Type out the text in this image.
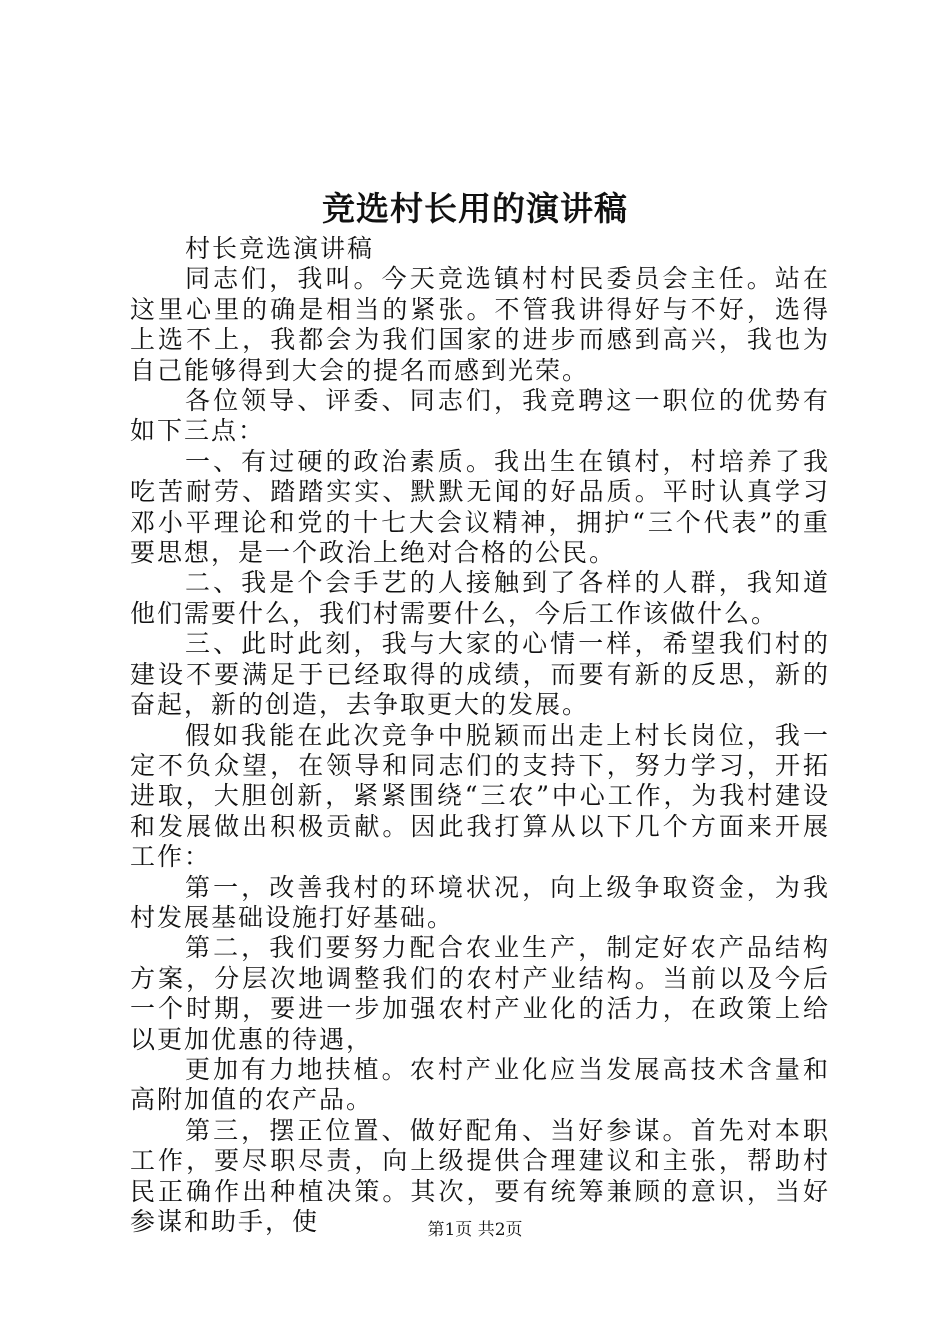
竞选村长用的演讲稿

村长竞选演讲稿

同志们，我叫。今天竞选镇村村民委员会主任。站在这里心里的确是相当的紧张。不管我讲得好与不好，选得上选不上，我都会为我们国家的进步而感到高兴，我也为自己能够得到大会的提名而感到光荣。

各位领导、评委、同志们，我竞聘这一职位的优势有如下三点：

一、有过硬的政治素质。我出生在镇村，村培养了我吃苦耐劳、踏踏实实、默默无闻的好品质。平时认真学习邓小平理论和党的十七大会议精神，拥护“三个代表”的重要思想，是一个政治上绝对合格的公民。

二、我是个会手艺的人接触到了各样的人群，我知道他们需要什么，我们村需要什么，今后工作该做什么。

三、此时此刻，我与大家的心情一样，希望我们村的建设不要满足于已经取得的成绩，而要有新的反思，新的奋起，新的创造，去争取更大的发展。

假如我能在此次竞争中脱颖而出走上村长岗位，我一定不负众望，在领导和同志们的支持下，努力学习，开拓进取，大胆创新，紧紧围绕“三农”中心工作，为我村建设和发展做出积极贡献。因此我打算从以下几个方面来开展工作：

第一，改善我村的环境状况，向上级争取资金，为我村发展基础设施打好基础。

第二，我们要努力配合农业生产，制定好农产品结构方案，分层次地调整我们的农村产业结构。当前以及今后一个时期，要进一步加强农村产业化的活力，在政策上给以更加优惠的待遇，

更加有力地扶植。农村产业化应当发展高技术含量和高附加值的农产品。

第三，摆正位置、做好配角、当好参谋。首先对本职工作，要尽职尽责，向上级提供合理建议和主张，帮助村民正确作出种植决策。其次，要有统筹兼顾的意识，当好参谋和助手，使	第1页 共2页
